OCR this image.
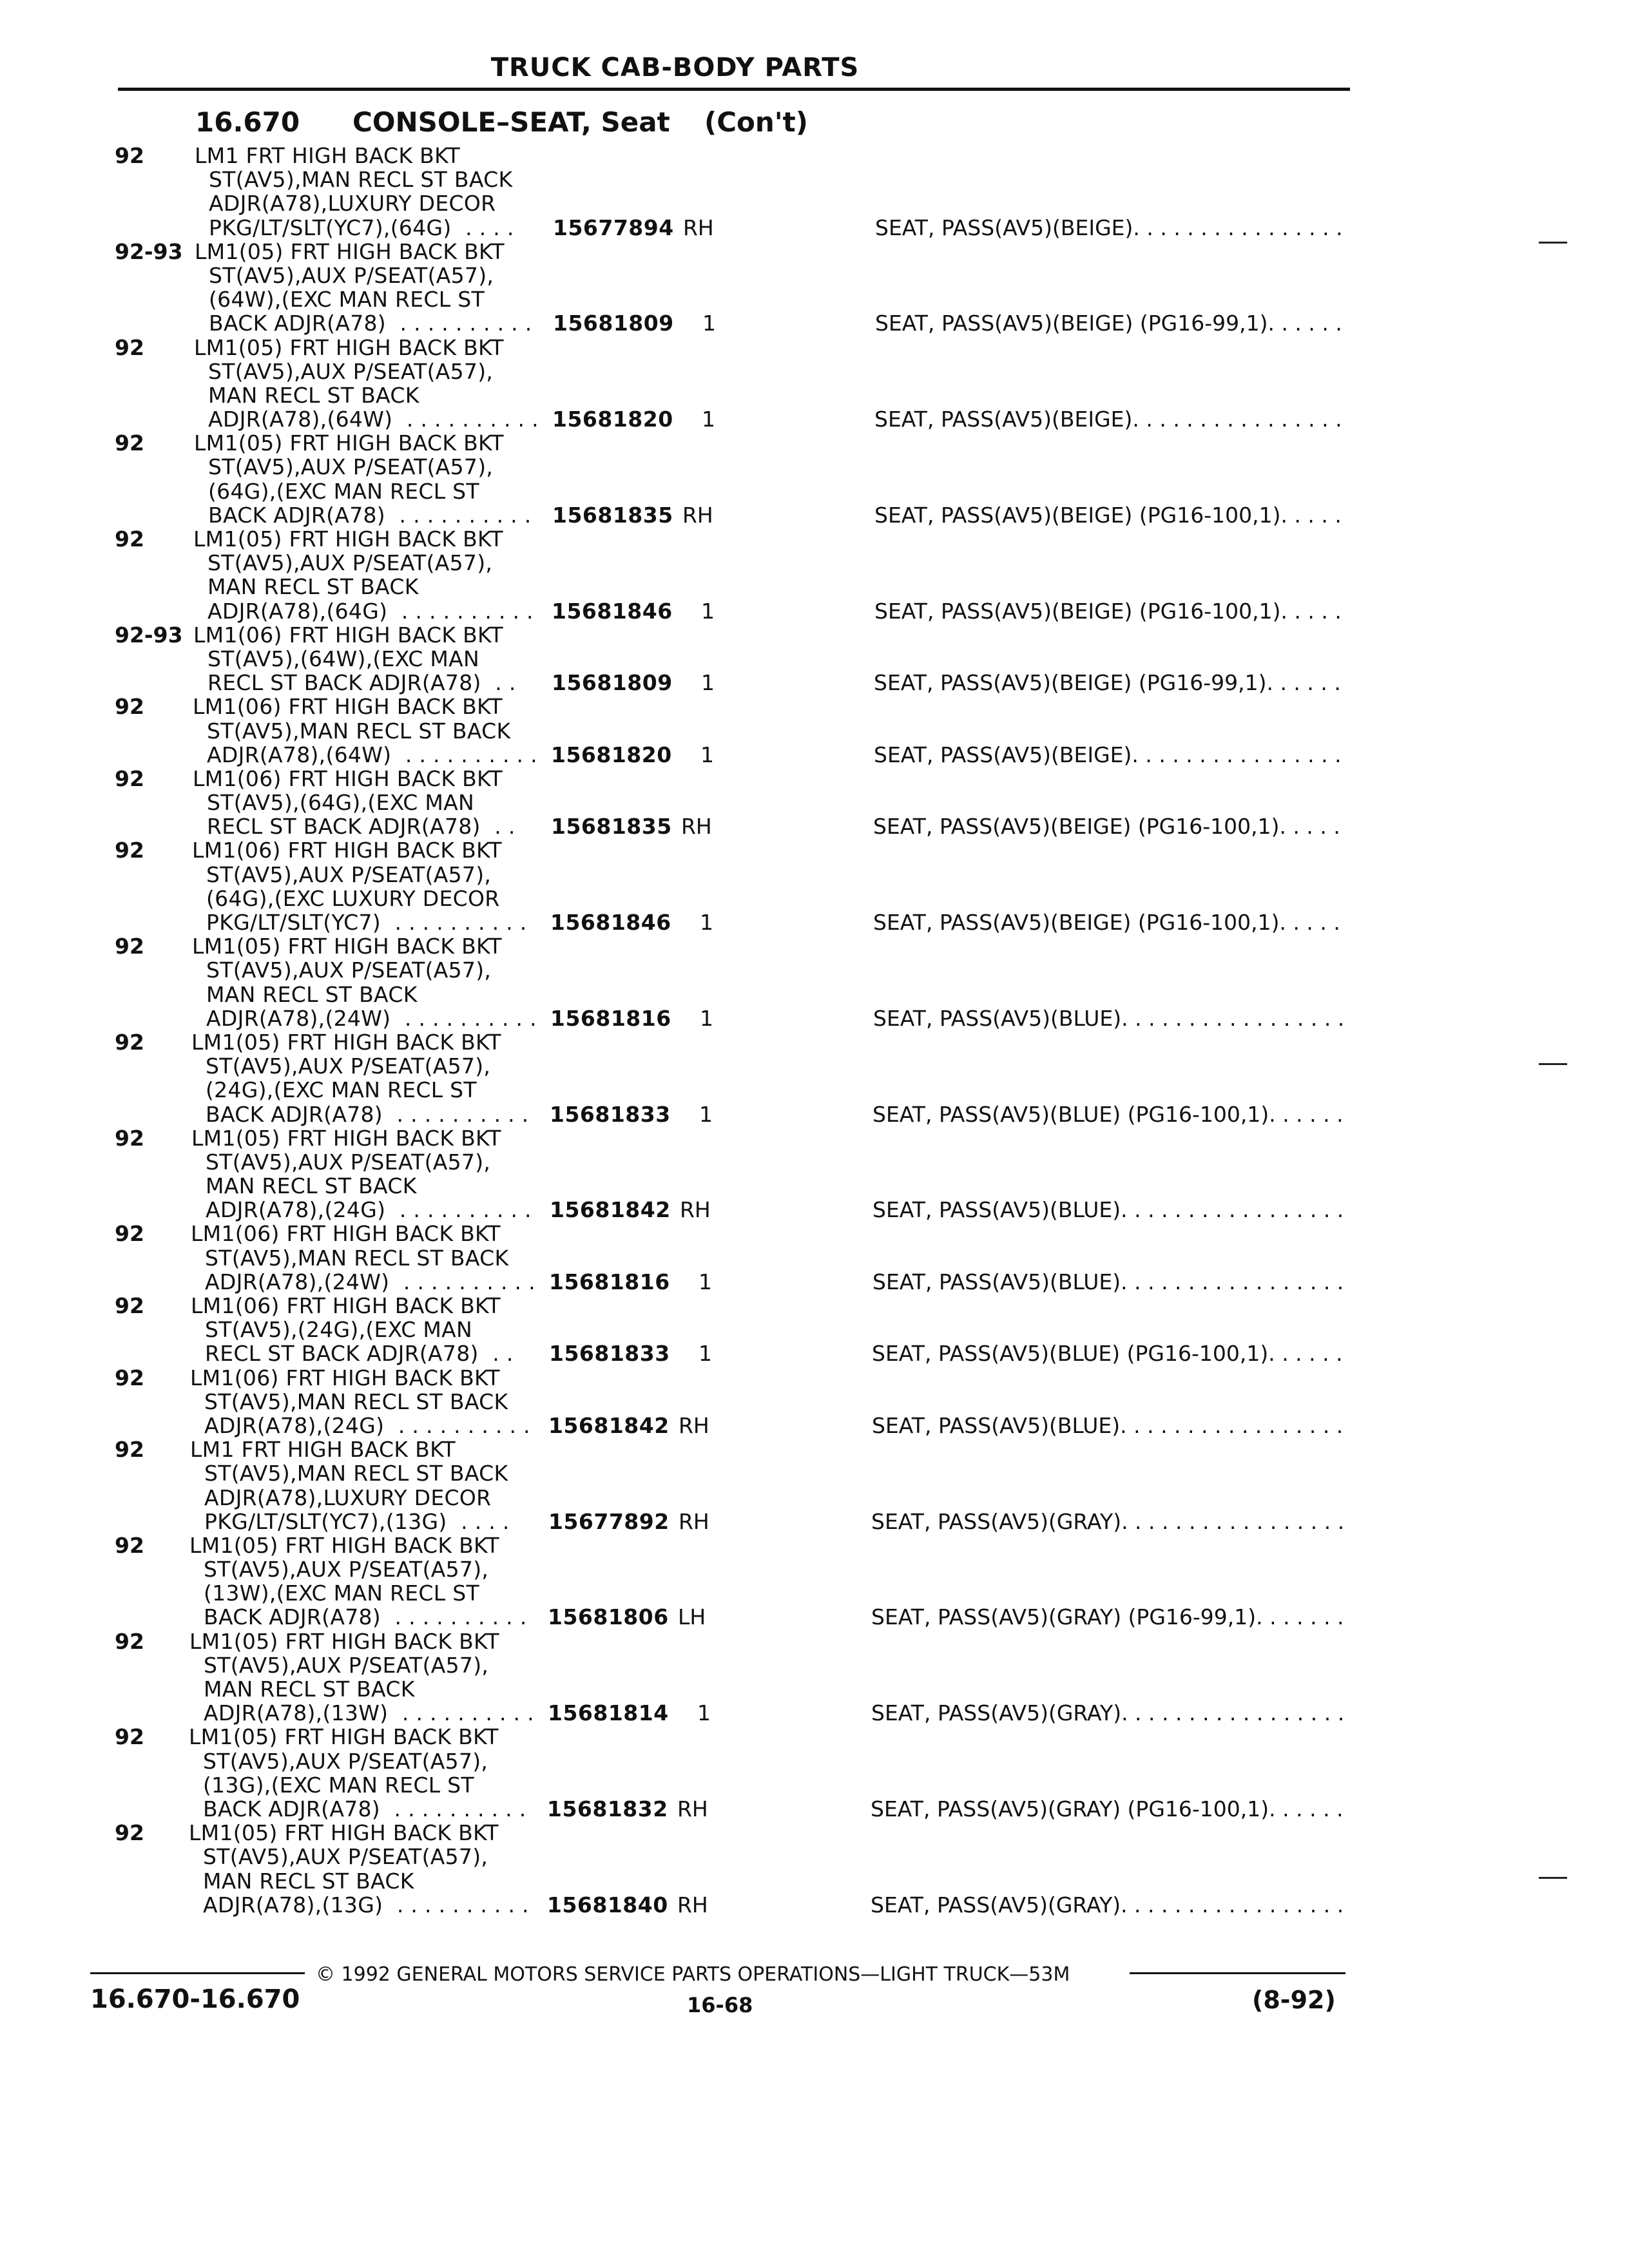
TRUCK CAB-BODY PARTS
16.670 CONSOLE–SEAT, Seat (Con't)
92 LM1 FRT HIGH BACK BKT
ST(AV5),MAN RECL ST BACK
ADJR(A78),LUXURY DECOR
PKG/LT/SLT(YC7),(64G)  . . . . 15677894 RH	SEAT, PASS(AV5)(BEIGE)
. . .
92-93 LM1(05) FRT HIGH BACK BKT
ST(AV5),AUX P/SEAT(A57),
(64W),(EXC MAN RECL ST
BACK ADJR(A78)  . . . . . . . . . . 15681809 1	SEAT, PASS(AV5)(BEIGE) (PG16-99,1)
. . .
92 LM1(05) FRT HIGH BACK BKT
ST(AV5),AUX P/SEAT(A57),
MAN RECL ST BACK
ADJR(A78),(64W)  . . . . . . . . . . 15681820 1	SEAT, PASS(AV5)(BEIGE)
. . .
92 LM1(05) FRT HIGH BACK BKT
ST(AV5),AUX P/SEAT(A57),
(64G),(EXC MAN RECL ST
BACK ADJR(A78)  . . . . . . . . . . 15681835 RH	SEAT, PASS(AV5)(BEIGE) (PG16-100,1)
. . .
92 LM1(05) FRT HIGH BACK BKT
ST(AV5),AUX P/SEAT(A57),
MAN RECL ST BACK
ADJR(A78),(64G)  . . . . . . . . . . 15681846 1	SEAT, PASS(AV5)(BEIGE) (PG16-100,1)
. . .
92-93 LM1(06) FRT HIGH BACK BKT
ST(AV5),(64W),(EXC MAN
RECL ST BACK ADJR(A78)  . . 15681809 1	SEAT, PASS(AV5)(BEIGE) (PG16-99,1)
. . .
92 LM1(06) FRT HIGH BACK BKT
ST(AV5),MAN RECL ST BACK
ADJR(A78),(64W)  . . . . . . . . . . 15681820 1	SEAT, PASS(AV5)(BEIGE)
. . .
92 LM1(06) FRT HIGH BACK BKT
ST(AV5),(64G),(EXC MAN
RECL ST BACK ADJR(A78)  . . 15681835 RH	SEAT, PASS(AV5)(BEIGE) (PG16-100,1)
. . .
92 LM1(06) FRT HIGH BACK BKT
ST(AV5),AUX P/SEAT(A57),
(64G),(EXC LUXURY DECOR
PKG/LT/SLT(YC7)  . . . . . . . . . . 15681846 1	SEAT, PASS(AV5)(BEIGE) (PG16-100,1)
. . .
92 LM1(05) FRT HIGH BACK BKT
ST(AV5),AUX P/SEAT(A57),
MAN RECL ST BACK
ADJR(A78),(24W)  . . . . . . . . . . 15681816 1	SEAT, PASS(AV5)(BLUE)
. . .
92 LM1(05) FRT HIGH BACK BKT
ST(AV5),AUX P/SEAT(A57),
(24G),(EXC MAN RECL ST
BACK ADJR(A78)  . . . . . . . . . . 15681833 1	SEAT, PASS(AV5)(BLUE) (PG16-100,1)
. . .
92 LM1(05) FRT HIGH BACK BKT
ST(AV5),AUX P/SEAT(A57),
MAN RECL ST BACK
ADJR(A78),(24G)  . . . . . . . . . . 15681842 RH	SEAT, PASS(AV5)(BLUE)
. . .
92 LM1(06) FRT HIGH BACK BKT
ST(AV5),MAN RECL ST BACK
ADJR(A78),(24W)  . . . . . . . . . . 15681816 1	SEAT, PASS(AV5)(BLUE)
. . .
92 LM1(06) FRT HIGH BACK BKT
ST(AV5),(24G),(EXC MAN
RECL ST BACK ADJR(A78)  . . 15681833 1	SEAT, PASS(AV5)(BLUE) (PG16-100,1)
. . .
92 LM1(06) FRT HIGH BACK BKT
ST(AV5),MAN RECL ST BACK
ADJR(A78),(24G)  . . . . . . . . . . 15681842 RH	SEAT, PASS(AV5)(BLUE)
. . .
92 LM1 FRT HIGH BACK BKT
ST(AV5),MAN RECL ST BACK
ADJR(A78),LUXURY DECOR
PKG/LT/SLT(YC7),(13G)  . . . . 15677892 RH	SEAT, PASS(AV5)(GRAY)
. . .
92 LM1(05) FRT HIGH BACK BKT
ST(AV5),AUX P/SEAT(A57),
(13W),(EXC MAN RECL ST
BACK ADJR(A78)  . . . . . . . . . . 15681806 LH	SEAT, PASS(AV5)(GRAY) (PG16-99,1)
. . .
92 LM1(05) FRT HIGH BACK BKT
ST(AV5),AUX P/SEAT(A57),
MAN RECL ST BACK
ADJR(A78),(13W)  . . . . . . . . . . 15681814 1	SEAT, PASS(AV5)(GRAY)
. . .
92 LM1(05) FRT HIGH BACK BKT
ST(AV5),AUX P/SEAT(A57),
(13G),(EXC MAN RECL ST
BACK ADJR(A78)  . . . . . . . . . . 15681832 RH	SEAT, PASS(AV5)(GRAY) (PG16-100,1)
. . .
92 LM1(05) FRT HIGH BACK BKT
ST(AV5),AUX P/SEAT(A57),
MAN RECL ST BACK
ADJR(A78),(13G)  . . . . . . . . . . 15681840 RH	SEAT, PASS(AV5)(GRAY)
. . .
© 1992 GENERAL MOTORS SERVICE PARTS OPERATIONS—LIGHT TRUCK—53M
16.670-16.670	16-68	(8-92)
